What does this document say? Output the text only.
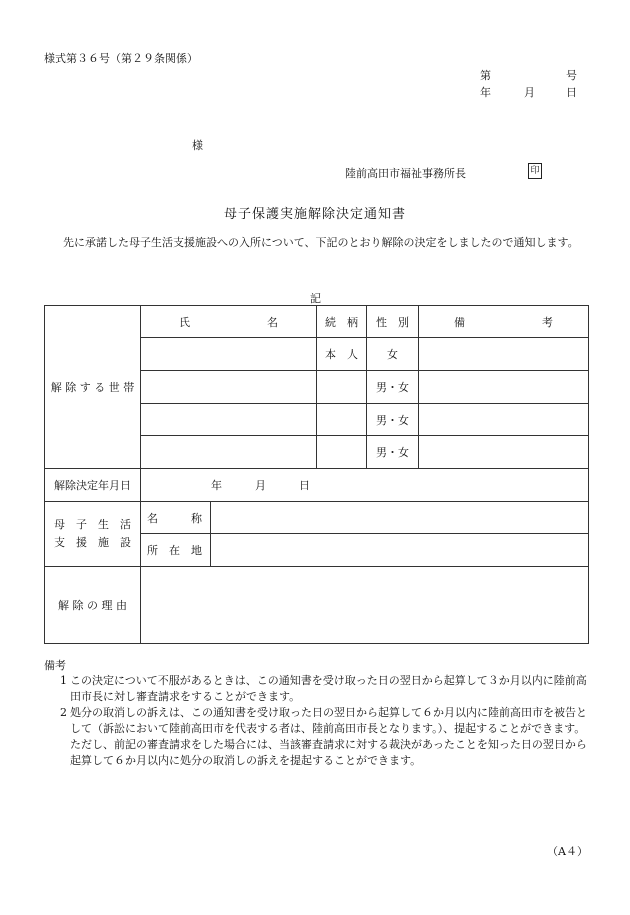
様式第３６号（第２９条関係）
第	号
年	月	日
様
陸前高田市福祉事務所長	印
母子保護実施解除決定通知書
先に承諾した母子生活支援施設への入所について、下記のとおり解除の決定をしましたので通知します。
記
解 除 す る 世 帯	氏　　　　　　　名		続　柄	性　別	備　　　　　　　考
			本　人	女	
				男・女	
				男・女	
				男・女	
解除決定年月日	年　　　月　　　日				

母　子　生　活
支　援　施　設	名　　　称				
	所　在　地				
解 除 の 理 由					
備考
1 この決定について不服があるときは、この通知書を受け取った日の翌日から起算して３か月以内に陸前高田市長に対し審査請求をすることができます。
2 処分の取消しの訴えは、この通知書を受け取った日の翌日から起算して６か月以内に陸前高田市を被告として（訴訟において陸前高田市を代表する者は、陸前高田市長となります。）、提起することができます。ただし、前記の審査請求をした場合には、当該審査請求に対する裁決があったことを知った日の翌日から起算して６か月以内に処分の取消しの訴えを提起することができます。
（A４）
